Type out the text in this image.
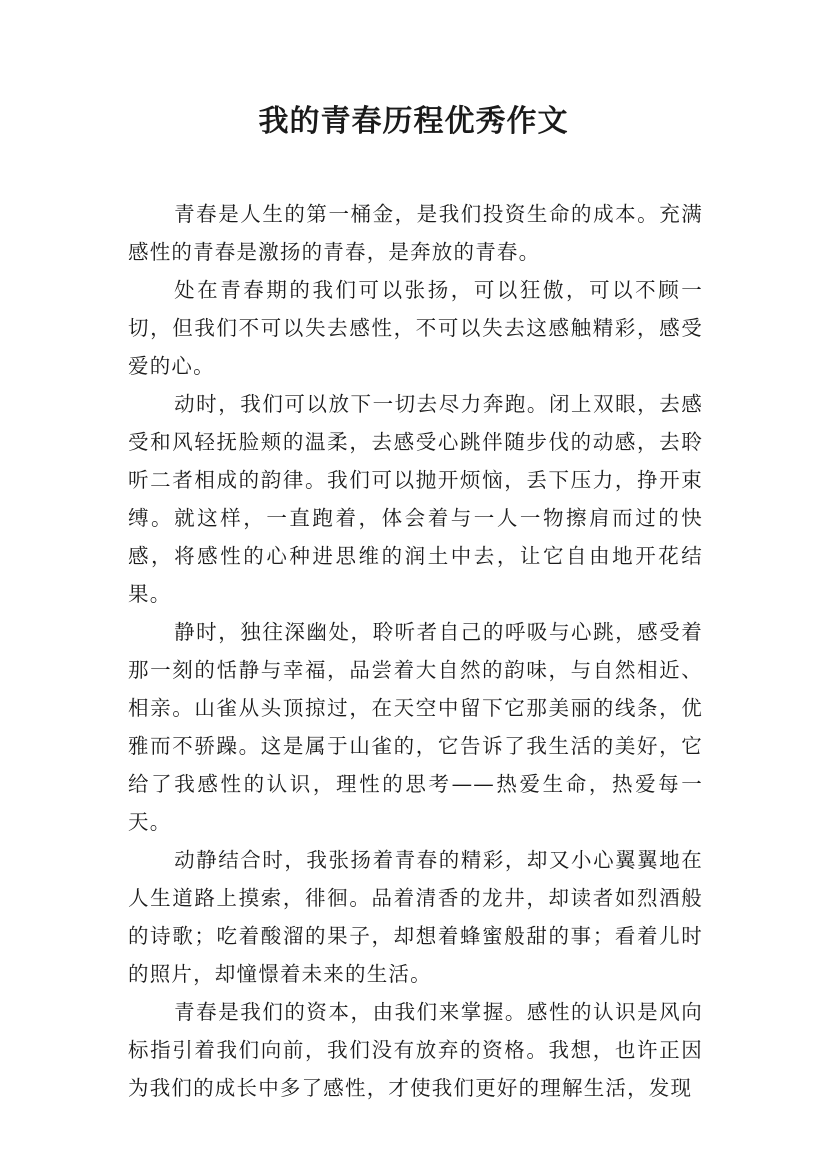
我的青春历程优秀作文

青春是人生的第一桶金，是我们投资生命的成本。充满感性的青春是激扬的青春，是奔放的青春。

处在青春期的我们可以张扬，可以狂傲，可以不顾一切，但我们不可以失去感性，不可以失去这感触精彩，感受爱的心。

动时，我们可以放下一切去尽力奔跑。闭上双眼，去感受和风轻抚脸颊的温柔，去感受心跳伴随步伐的动感，去聆听二者相成的韵律。我们可以抛开烦恼，丢下压力，挣开束缚。就这样，一直跑着，体会着与一人一物擦肩而过的快感，将感性的心种进思维的润土中去，让它自由地开花结果。

静时，独往深幽处，聆听者自己的呼吸与心跳，感受着那一刻的恬静与幸福，品尝着大自然的韵味，与自然相近、相亲。山雀从头顶掠过，在天空中留下它那美丽的线条，优雅而不骄躁。这是属于山雀的，它告诉了我生活的美好，它给了我感性的认识，理性的思考——热爱生命，热爱每一天。

动静结合时，我张扬着青春的精彩，却又小心翼翼地在人生道路上摸索，徘徊。品着清香的龙井，却读者如烈酒般的诗歌；吃着酸溜的果子，却想着蜂蜜般甜的事；看着儿时的照片，却憧憬着未来的生活。

青春是我们的资本，由我们来掌握。感性的认识是风向标指引着我们向前，我们没有放弃的资格。我想，也许正因为我们的成长中多了感性，才使我们更好的理解生活，发现
